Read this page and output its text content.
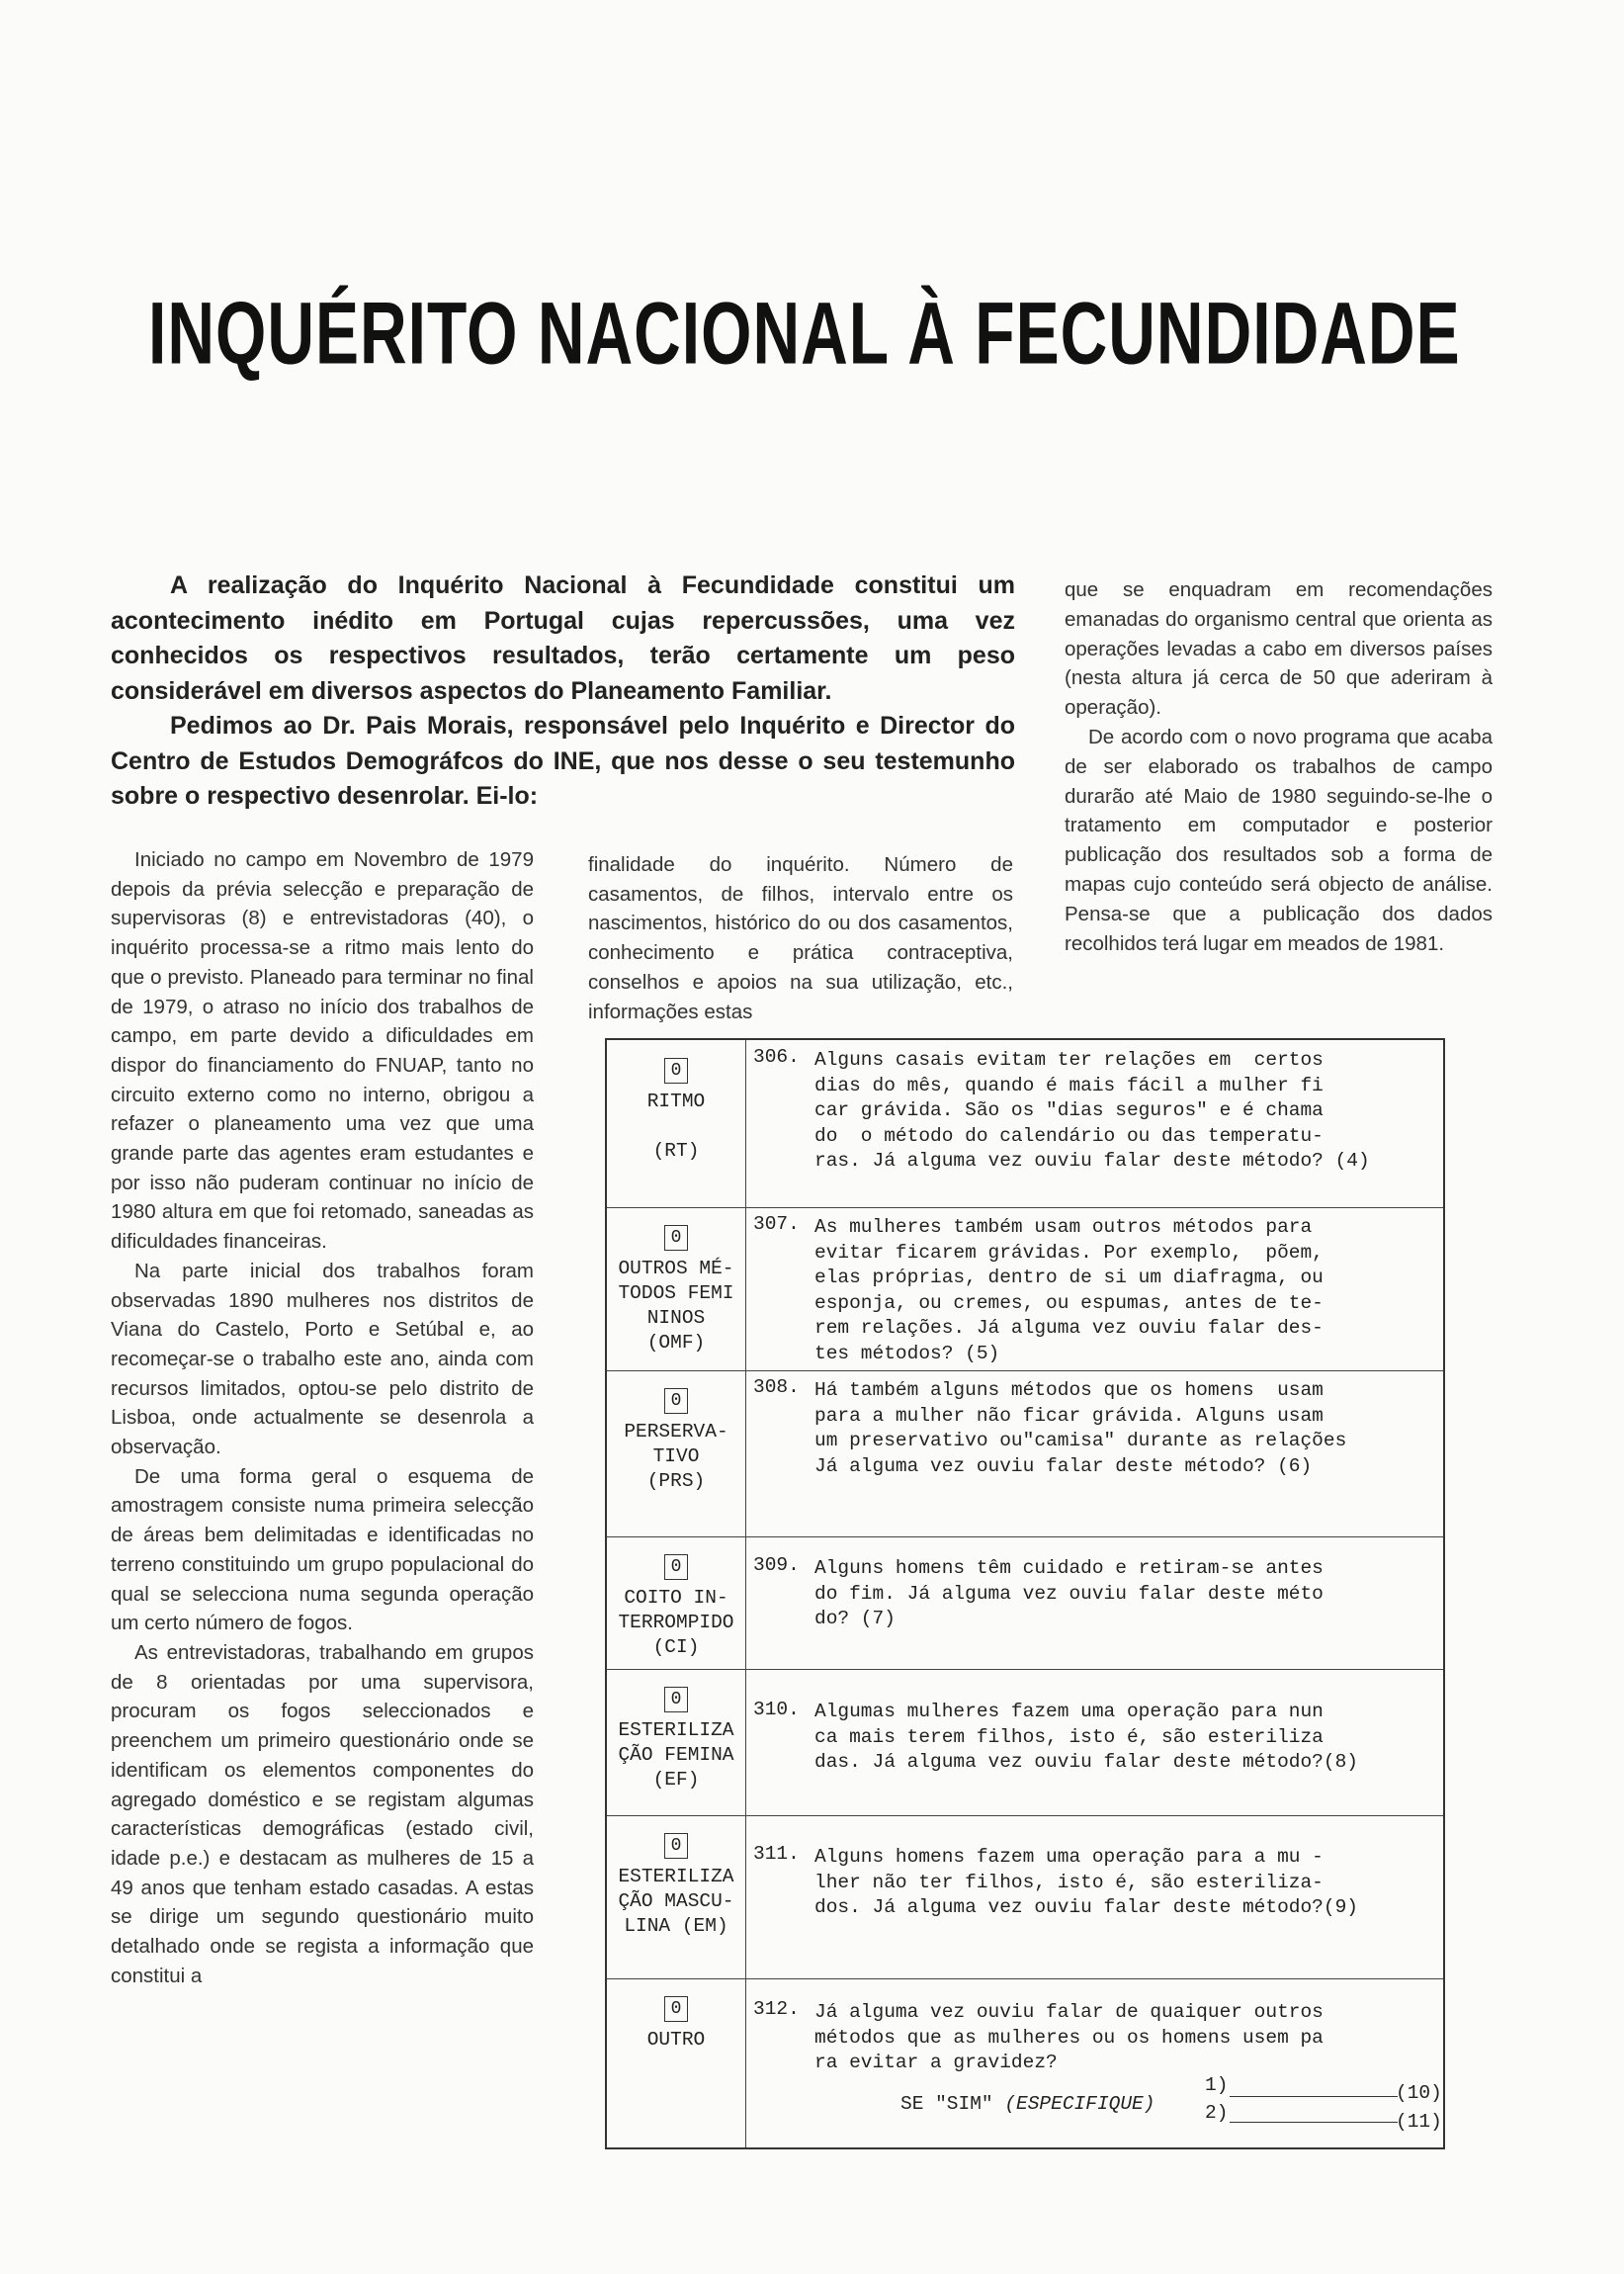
INQUÉRITO NACIONAL À FECUNDIDADE

A realização do Inquérito Nacional à Fecundidade constitui um acontecimento inédito em Portugal cujas repercussões, uma vez conhecidos os respectivos resultados, terão certamente um peso considerável em diversos aspectos do Planeamento Familiar.

Pedimos ao Dr. Pais Morais, responsável pelo Inquérito e Director do Centro de Estudos Demográfcos do INE, que nos desse o seu testemunho sobre o respectivo desenrolar. Ei-lo:

Iniciado no campo em Novembro de 1979 depois da prévia selecção e preparação de supervisoras (8) e entrevistadoras (40), o inquérito processa-se a ritmo mais lento do que o previsto. Planeado para terminar no final de 1979, o atraso no início dos trabalhos de campo, em parte devido a dificuldades em dispor do financiamento do FNUAP, tanto no circuito externo como no interno, obrigou a refazer o planeamento uma vez que uma grande parte das agentes eram estudantes e por isso não puderam continuar no início de 1980 altura em que foi retomado, saneadas as dificuldades financeiras.

Na parte inicial dos trabalhos foram observadas 1890 mulheres nos distritos de Viana do Castelo, Porto e Setúbal e, ao recomeçar-se o trabalho este ano, ainda com recursos limitados, optou-se pelo distrito de Lisboa, onde actualmente se desenrola a observação.

De uma forma geral o esquema de amostragem consiste numa primeira selecção de áreas bem delimitadas e identificadas no terreno constituindo um grupo populacional do qual se selecciona numa segunda operação um certo número de fogos.

As entrevistadoras, trabalhando em grupos de 8 orientadas por uma supervisora, procuram os fogos seleccionados e preenchem um primeiro questionário onde se identificam os elementos componentes do agregado doméstico e se registam algumas características demográficas (estado civil, idade p.e.) e destacam as mulheres de 15 a 49 anos que tenham estado casadas. A estas se dirige um segundo questionário muito detalhado onde se regista a informação que constitui a

finalidade do inquérito. Número de casamentos, de filhos, intervalo entre os nascimentos, histórico do ou dos casamentos, conhecimento e prática contraceptiva, conselhos e apoios na sua utilização, etc., informações estas

que se enquadram em recomendações emanadas do organismo central que orienta as operações levadas a cabo em diversos países (nesta altura já cerca de 50 que aderiram à operação).

De acordo com o novo programa que acaba de ser elaborado os trabalhos de campo durarão até Maio de 1980 seguindo-se-lhe o tratamento em computador e posterior publicação dos resultados sob a forma de mapas cujo conteúdo será objecto de análise. Pensa-se que a publicação dos dados recolhidos terá lugar em meados de 1981.

0
RITMO

(RT)
306. Alguns casais evitam ter relações em  certos
dias do mês, quando é mais fácil a mulher fi
car grávida. São os "dias seguros" e é chama
do  o método do calendário ou das temperatu-
ras. Já alguma vez ouviu falar deste método? (4)
0
OUTROS MÉ-
TODOS FEMI
NINOS
(OMF)
307. As mulheres também usam outros métodos para
evitar ficarem grávidas. Por exemplo,  põem,
elas próprias, dentro de si um diafragma, ou
esponja, ou cremes, ou espumas, antes de te-
rem relações. Já alguma vez ouviu falar des-
tes métodos? (5)
0
PERSERVA-
TIVO
(PRS)
308. Há também alguns métodos que os homens  usam
para a mulher não ficar grávida. Alguns usam
um preservativo ou"camisa" durante as relações
Já alguma vez ouviu falar deste método? (6)
0
COITO IN-
TERROMPIDO
(CI)
309. Alguns homens têm cuidado e retiram-se antes
do fim. Já alguma vez ouviu falar deste méto
do? (7)
0
ESTERILIZA
ÇÃO FEMINA
(EF)
310. Algumas mulheres fazem uma operação para nun
ca mais terem filhos, isto é, são esteriliza
das. Já alguma vez ouviu falar deste método?(8)
0
ESTERILIZA
ÇÃO MASCU-
LINA (EM)
311. Alguns homens fazem uma operação para a mu -
lher não ter filhos, isto é, são esteriliza-
dos. Já alguma vez ouviu falar deste método?(9)
0
OUTRO
312. Já alguma vez ouviu falar de quaiquer outros
métodos que as mulheres ou os homens usem pa
ra evitar a gravidez?
SE "SIM" (ESPECIFIQUE)
1)	(10)
2)	(11)
